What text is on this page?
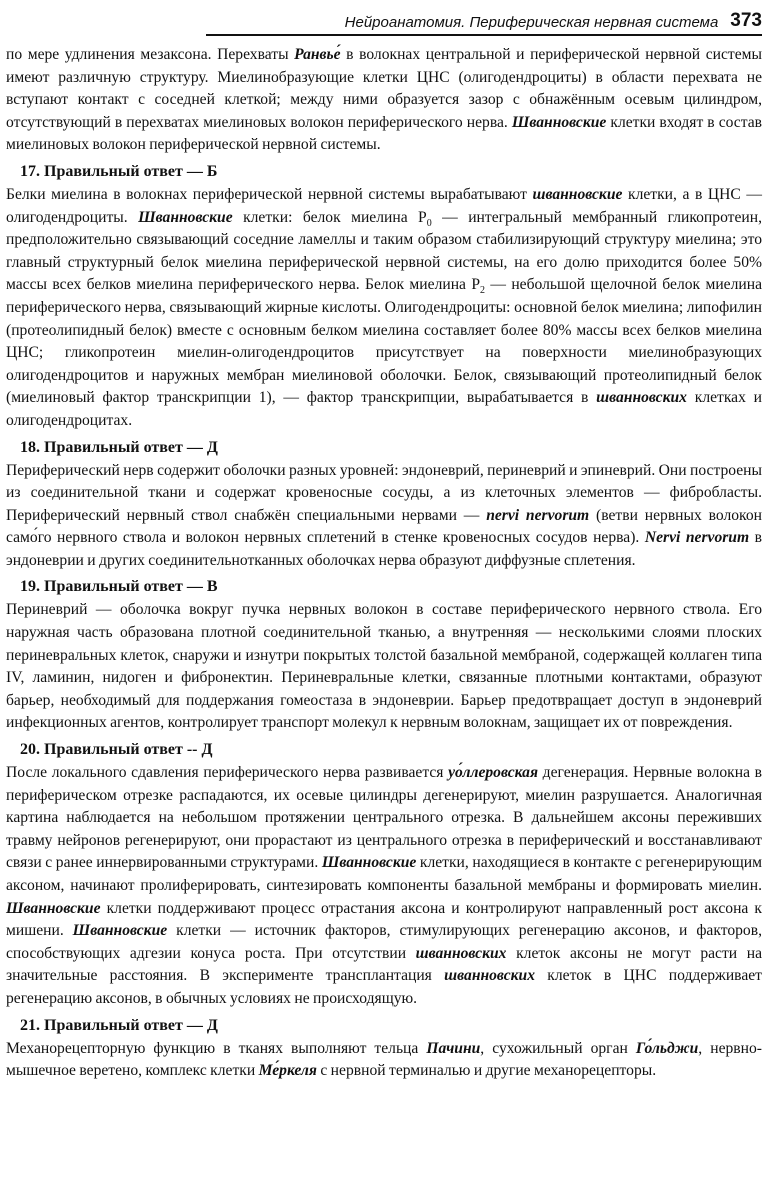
Нейроанатомия. Периферическая нервная система 373

по мере удлинения мезаксона. Перехваты Ранвье́ в волокнах центральной и периферической нервной системы имеют различную структуру. Миелинобразующие клетки ЦНС (олигодендроциты) в области перехвата не вступают контакт с соседней клеткой; между ними образуется зазор с обнажённым осевым цилиндром, отсутствующий в перехватах миелиновых волокон периферического нерва. Шванновские клетки входят в состав миелиновых волокон периферической нервной системы.

17. Правильный ответ — Б

Белки миелина в волокнах периферической нервной системы вырабатывают шванновские клетки, а в ЦНС — олигодендроциты. Шванновские клетки: белок миелина $P_0$ — интегральный мембранный гликопротеин, предположительно связывающий соседние ламеллы и таким образом стабилизирующий структуру миелина; это главный структурный белок миелина периферической нервной системы, на его долю приходится более 50% массы всех белков миелина периферического нерва. Белок миелина $P_2$ — небольшой щелочной белок миелина периферического нерва, связывающий жирные кислоты. Олигодендроциты: основной белок миелина; липофилин (протеолипидный белок) вместе с основным белком миелина составляет более 80% массы всех белков миелина ЦНС; гликопротеин миелин-олигодендроцитов присутствует на поверхности миелинобразующих олигодендроцитов и наружных мембран миелиновой оболочки. Белок, связывающий протеолипидный белок (миелиновый фактор транскрипции 1), — фактор транскрипции, вырабатывается в шванновских клетках и олигодендроцитах.

18. Правильный ответ — Д

Периферический нерв содержит оболочки разных уровней: эндоневрий, периневрий и эпиневрий. Они построены из соединительной ткани и содержат кровеносные сосуды, а из клеточных элементов — фибробласты. Периферический нервный ствол снабжён специальными нервами — nervi nervorum (ветви нервных волокон само́го нервного ствола и волокон нервных сплетений в стенке кровеносных сосудов нерва). Nervi nervorum в эндоневрии и других соединительнотканных оболочках нерва образуют диффузные сплетения.

19. Правильный ответ — В

Периневрий — оболочка вокруг пучка нервных волокон в составе периферического нервного ствола. Его наружная часть образована плотной соединительной тканью, а внутренняя — несколькими слоями плоских периневральных клеток, снаружи и изнутри покрытых толстой базальной мембраной, содержащей коллаген типа IV, ламинин, нидоген и фибронектин. Периневральные клетки, связанные плотными контактами, образуют барьер, необходимый для поддержания гомеостаза в эндоневрии. Барьер предотвращает доступ в эндоневрий инфекционных агентов, контролирует транспорт молекул к нервным волокнам, защищает их от повреждения.

20. Правильный ответ -- Д

После локального сдавления периферического нерва развивается уо́ллеровская дегенерация. Нервные волокна в периферическом отрезке распадаются, их осевые цилиндры дегенерируют, миелин разрушается. Аналогичная картина наблюдается на небольшом протяжении центрального отрезка. В дальнейшем аксоны переживших травму нейронов регенерируют, они прорастают из центрального отрезка в периферический и восстанавливают связи с ранее иннервированными структурами. Шванновские клетки, находящиеся в контакте с регенерирующим аксоном, начинают пролиферировать, синтезировать компоненты базальной мембраны и формировать миелин. Шванновские клетки поддерживают процесс отрастания аксона и контролируют направленный рост аксона к мишени. Шванновские клетки — источник факторов, стимулирующих регенерацию аксонов, и факторов, способствующих адгезии конуса роста. При отсутствии шванновских клеток аксоны не могут расти на значительные расстояния. В эксперименте трансплантация шванновских клеток в ЦНС поддерживает регенерацию аксонов, в обычных условиях не происходящую.

21. Правильный ответ — Д

Механорецепторную функцию в тканях выполняют тельца Пачини, сухожильный орган Го́льджи, нервно-мышечное веретено, комплекс клетки Ме́ркеля с нервной терминалью и другие механорецепторы.
